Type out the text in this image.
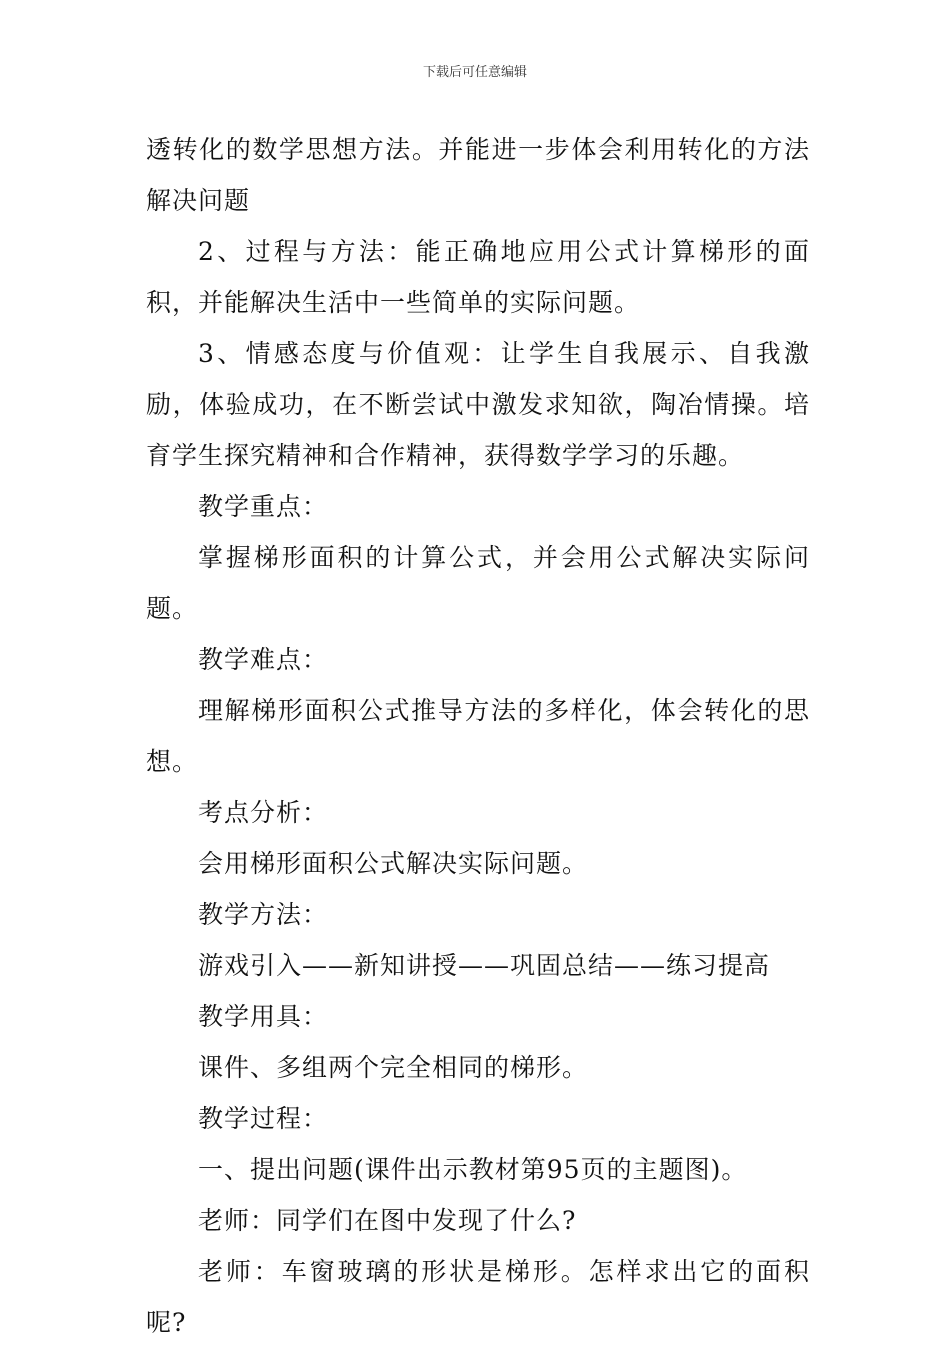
下载后可任意编辑

透转化的数学思想方法。并能进一步体会利用转化的方法解决问题

2、过程与方法：能正确地应用公式计算梯形的面积，并能解决生活中一些简单的实际问题。

3、情感态度与价值观：让学生自我展示、自我激励，体验成功，在不断尝试中激发求知欲，陶冶情操。培育学生探究精神和合作精神，获得数学学习的乐趣。

教学重点：

掌握梯形面积的计算公式，并会用公式解决实际问题。

教学难点：

理解梯形面积公式推导方法的多样化，体会转化的思想。

考点分析：

会用梯形面积公式解决实际问题。

教学方法：

游戏引入——新知讲授——巩固总结——练习提高

教学用具：

课件、多组两个完全相同的梯形。

教学过程：

一、提出问题(课件出示教材第95页的主题图)。

老师：同学们在图中发现了什么?

老师：车窗玻璃的形状是梯形。怎样求出它的面积呢?
